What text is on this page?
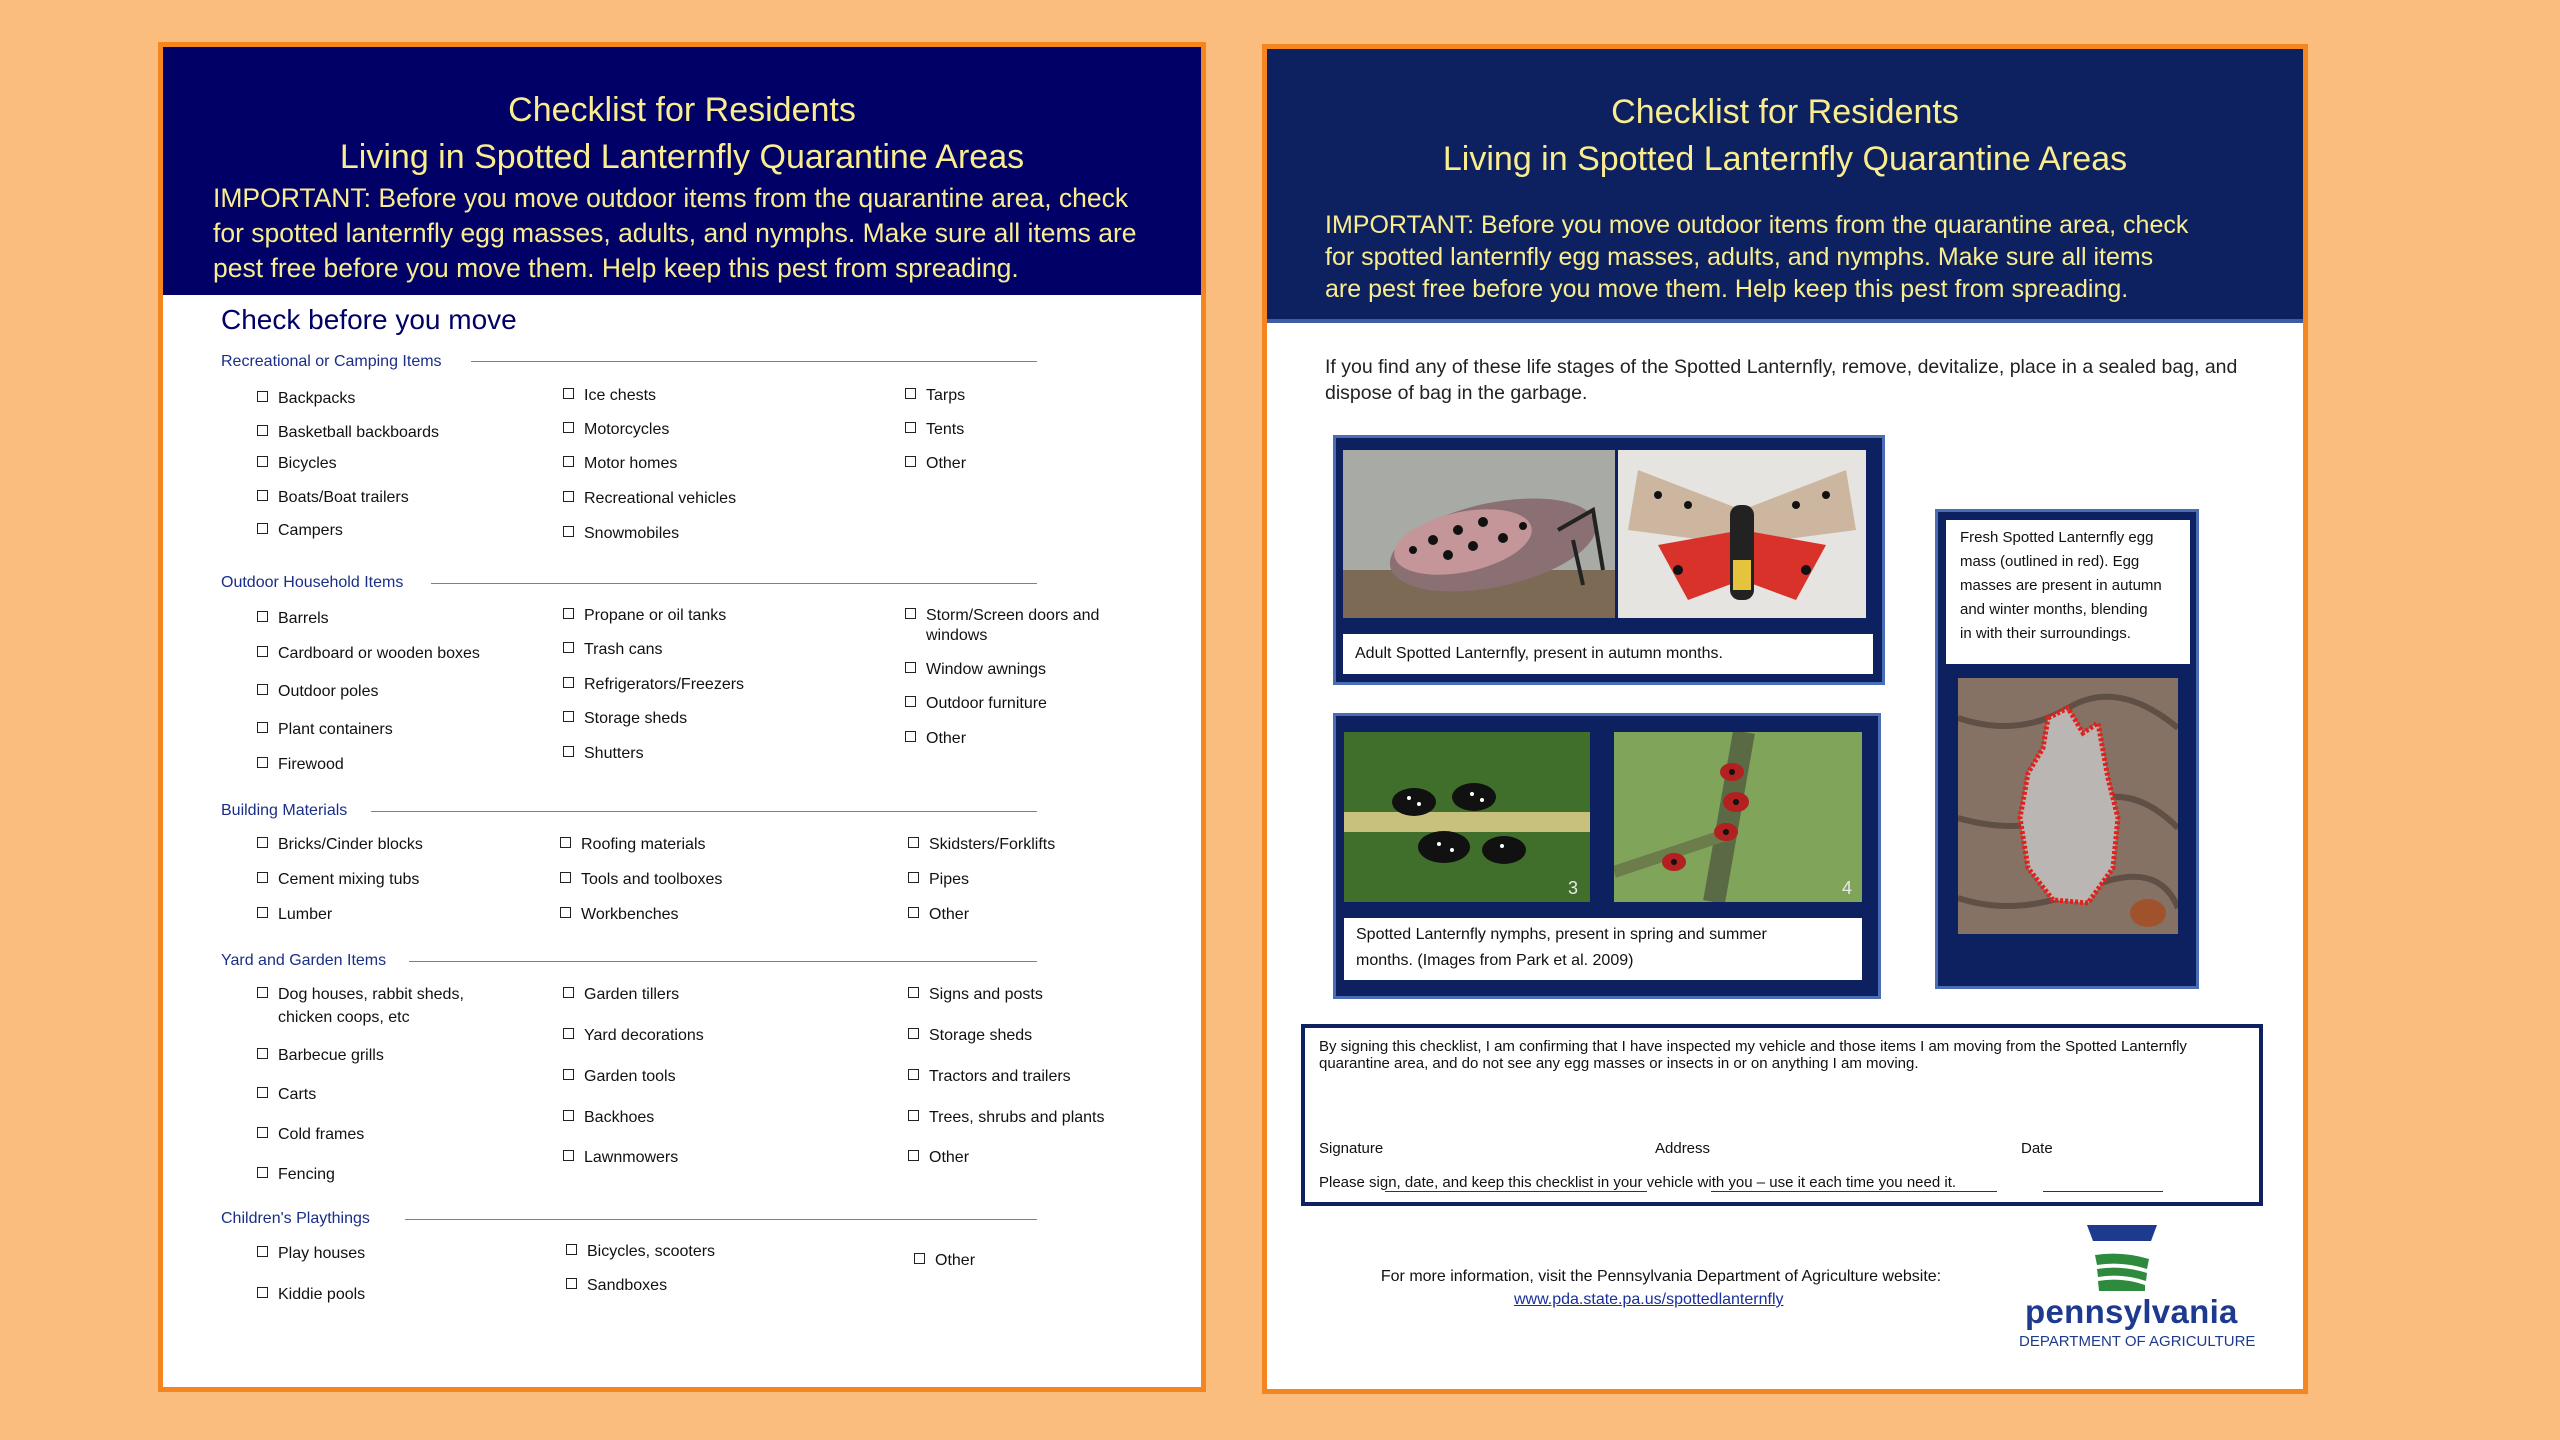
Checklist for Residents
Living in Spotted Lanternfly Quarantine Areas
IMPORTANT: Before you move outdoor items from the quarantine area, check
for spotted lanternfly egg masses, adults, and nymphs. Make sure all items are
pest free before you move them. Help keep this pest from spreading.
Check before you move
Recreational or Camping Items
Backpacks
Basketball backboards
Bicycles
Boats/Boat trailers
Campers
Ice chests
Motorcycles
Motor homes
Recreational vehicles
Snowmobiles
Tarps
Tents
Other
Outdoor Household Items
Barrels
Cardboard or wooden boxes
Outdoor poles
Plant containers
Firewood
Propane or oil tanks
Trash cans
Refrigerators/Freezers
Storage sheds
Shutters
Storm/Screen doors and
windows
Window awnings
Outdoor furniture
Other
Building Materials
Bricks/Cinder blocks
Cement mixing tubs
Lumber
Roofing materials
Tools and toolboxes
Workbenches
Skidsters/Forklifts
Pipes
Other
Yard and Garden Items
Dog houses, rabbit sheds,
chicken coops, etc
Barbecue grills
Carts
Cold frames
Fencing
Garden tillers
Yard decorations
Garden tools
Backhoes
Lawnmowers
Signs and posts
Storage sheds
Tractors and trailers
Trees, shrubs and plants
Other
Children's Playthings
Play houses
Kiddie pools
Bicycles, scooters
Sandboxes
Other
Checklist for Residents
Living in Spotted Lanternfly Quarantine Areas
IMPORTANT: Before you move outdoor items from the quarantine area, check
for spotted lanternfly egg masses, adults, and nymphs. Make sure all items
are pest free before you move them. Help keep this pest from spreading.
If you find any of these life stages of the Spotted Lanternfly, remove, devitalize, place in a sealed bag, and dispose of bag in the garbage.
Adult Spotted Lanternfly, present in autumn months.
3	4
Spotted Lanternfly nymphs, present in spring and summer
months. (Images from Park et al. 2009)
Fresh Spotted Lanternfly egg
mass (outlined in red). Egg
masses are present in autumn
and winter months, blending
in with their surroundings.
By signing this checklist, I am confirming that I have inspected my vehicle and those items I am moving from the Spotted Lanternfly
quarantine area, and do not see any egg masses or insects in or on anything I am moving.
Signature	Address	Date
Please sign, date, and keep this checklist in your vehicle with you – use it each time you need it.
For more information, visit the Pennsylvania Department of Agriculture website:
www.pda.state.pa.us/spottedlanternfly	pennsylvania
DEPARTMENT OF AGRICULTURE
